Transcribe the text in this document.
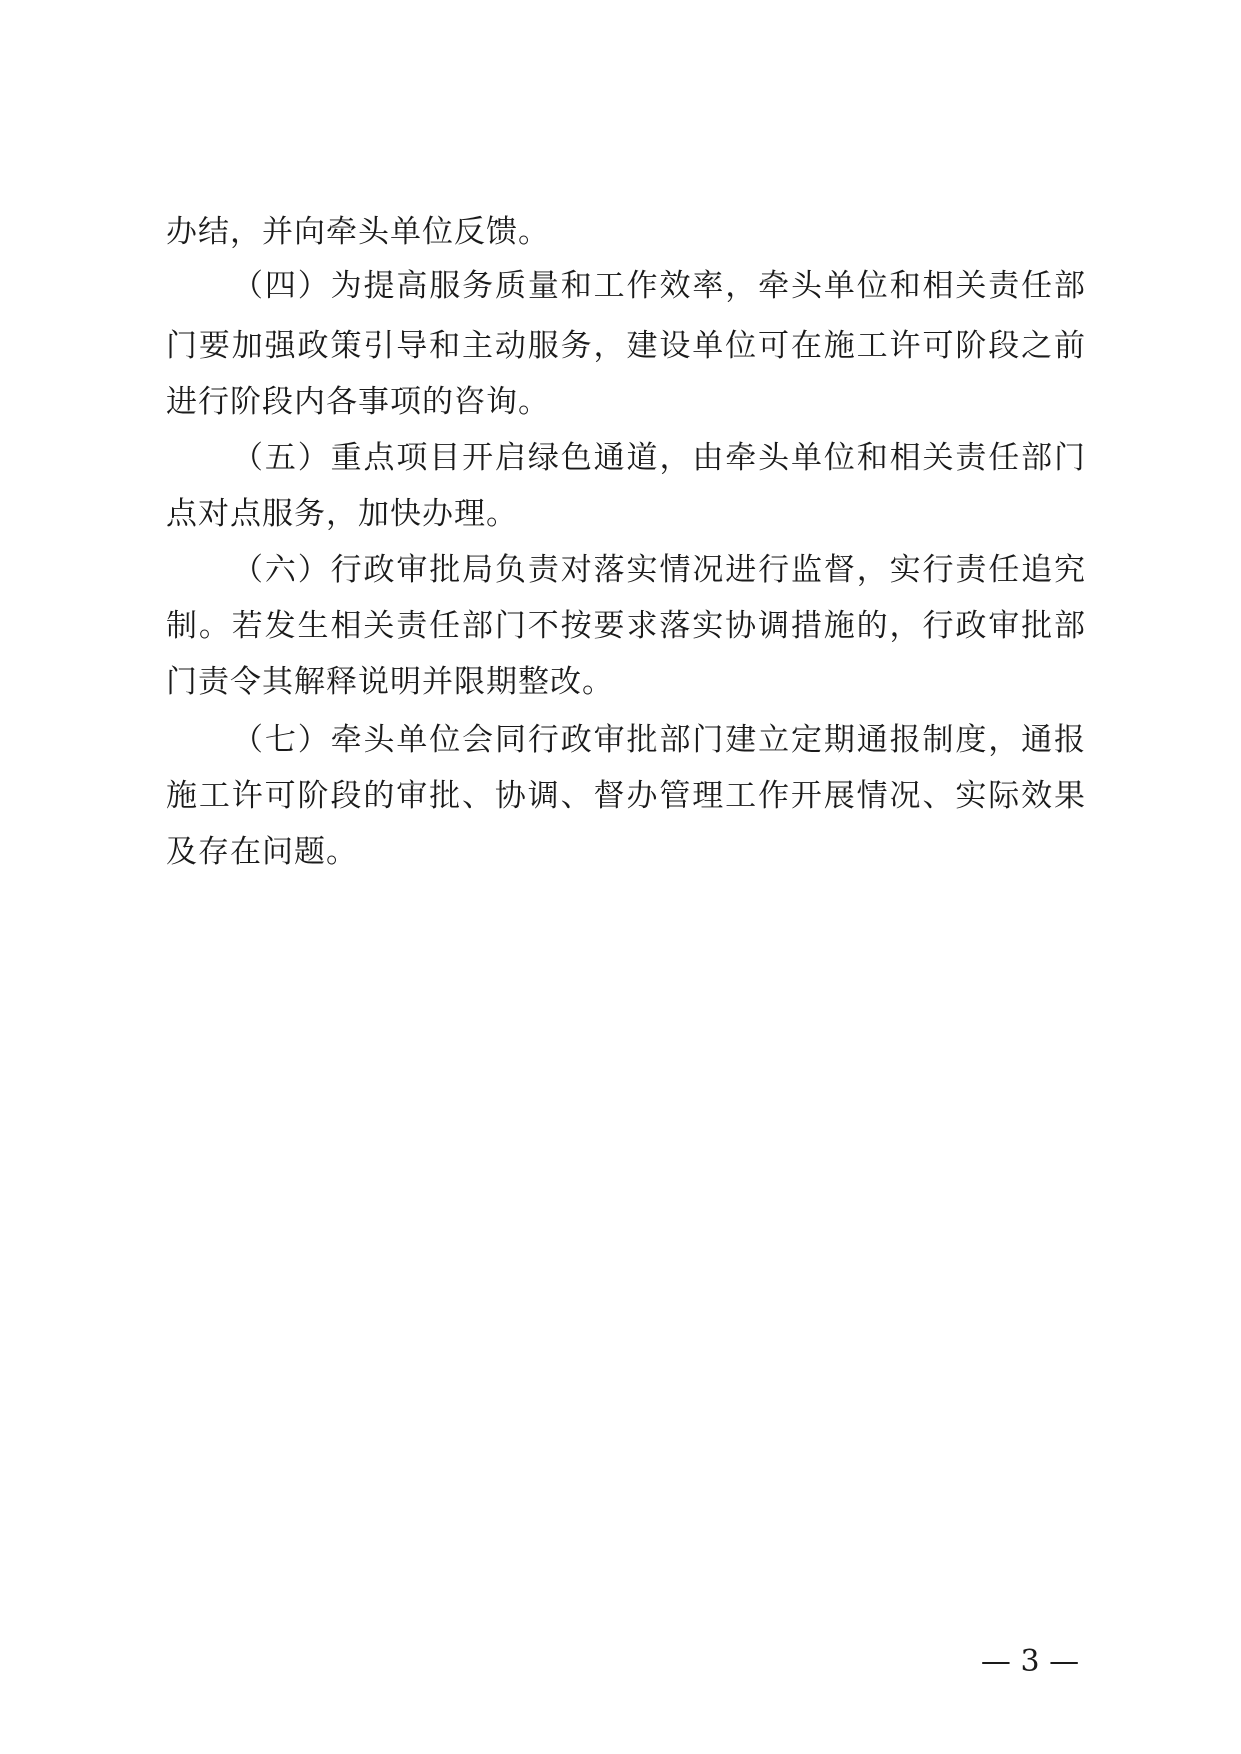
办结，并向牵头单位反馈。
（四）为提高服务质量和工作效率，牵头单位和相关责任部
门要加强政策引导和主动服务，建设单位可在施工许可阶段之前
进行阶段内各事项的咨询。
（五）重点项目开启绿色通道，由牵头单位和相关责任部门
点对点服务，加快办理。
（六）行政审批局负责对落实情况进行监督，实行责任追究
制。若发生相关责任部门不按要求落实协调措施的，行政审批部
门责令其解释说明并限期整改。
（七）牵头单位会同行政审批部门建立定期通报制度，通报
施工许可阶段的审批、协调、督办管理工作开展情况、实际效果
及存在问题。
— 3 —
